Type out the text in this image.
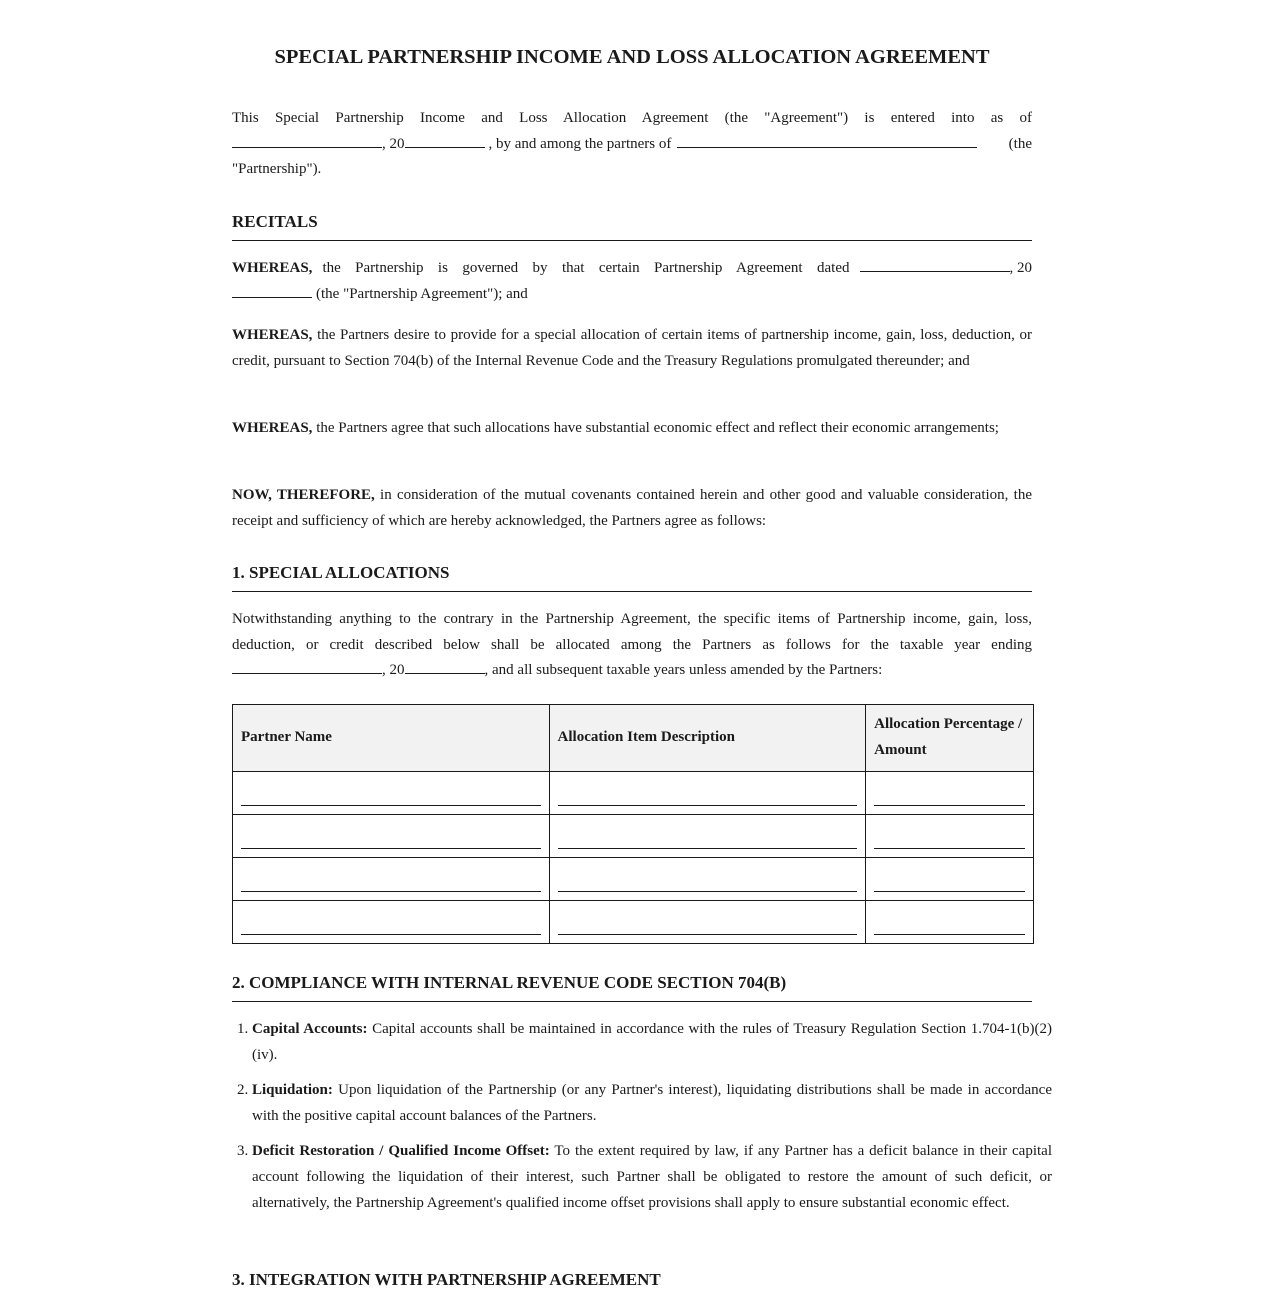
SPECIAL PARTNERSHIP INCOME AND LOSS ALLOCATION AGREEMENT
This Special Partnership Income and Loss Allocation Agreement (the "Agreement") is entered into as of
, 20	, by and among the partners of	(the
"Partnership").
RECITALS
WHEREAS, the Partnership is governed by that certain Partnership Agreement dated	, 20
(the "Partnership Agreement"); and

WHEREAS, the Partners desire to provide for a special allocation of certain items of partnership income, gain, loss, deduction, or credit, pursuant to Section 704(b) of the Internal Revenue Code and the Treasury Regulations promulgated thereunder; and

WHEREAS, the Partners agree that such allocations have substantial economic effect and reflect their economic arrangements;

NOW, THEREFORE, in consideration of the mutual covenants contained herein and other good and valuable consideration, the receipt and sufficiency of which are hereby acknowledged, the Partners agree as follows:

1. SPECIAL ALLOCATIONS
Notwithstanding anything to the contrary in the Partnership Agreement, the specific items of Partnership income, gain, loss, deduction, or credit described below shall be allocated among the Partners as follows for the taxable year ending
, 20	, and all subsequent taxable years unless amended by the Partners:
Partner Name	Allocation Item Description	Allocation Percentage / Amount

2. COMPLIANCE WITH INTERNAL REVENUE CODE SECTION 704(B)
1. Capital Accounts: Capital accounts shall be maintained in accordance with the rules of Treasury Regulation Section 1.704-1(b)(2)(iv).
2. Liquidation: Upon liquidation of the Partnership (or any Partner's interest), liquidating distributions shall be made in accordance with the positive capital account balances of the Partners.
3. Deficit Restoration / Qualified Income Offset: To the extent required by law, if any Partner has a deficit balance in their capital account following the liquidation of their interest, such Partner shall be obligated to restore the amount of such deficit, or alternatively, the Partnership Agreement's qualified income offset provisions shall apply to ensure substantial economic effect.
3. INTEGRATION WITH PARTNERSHIP AGREEMENT
